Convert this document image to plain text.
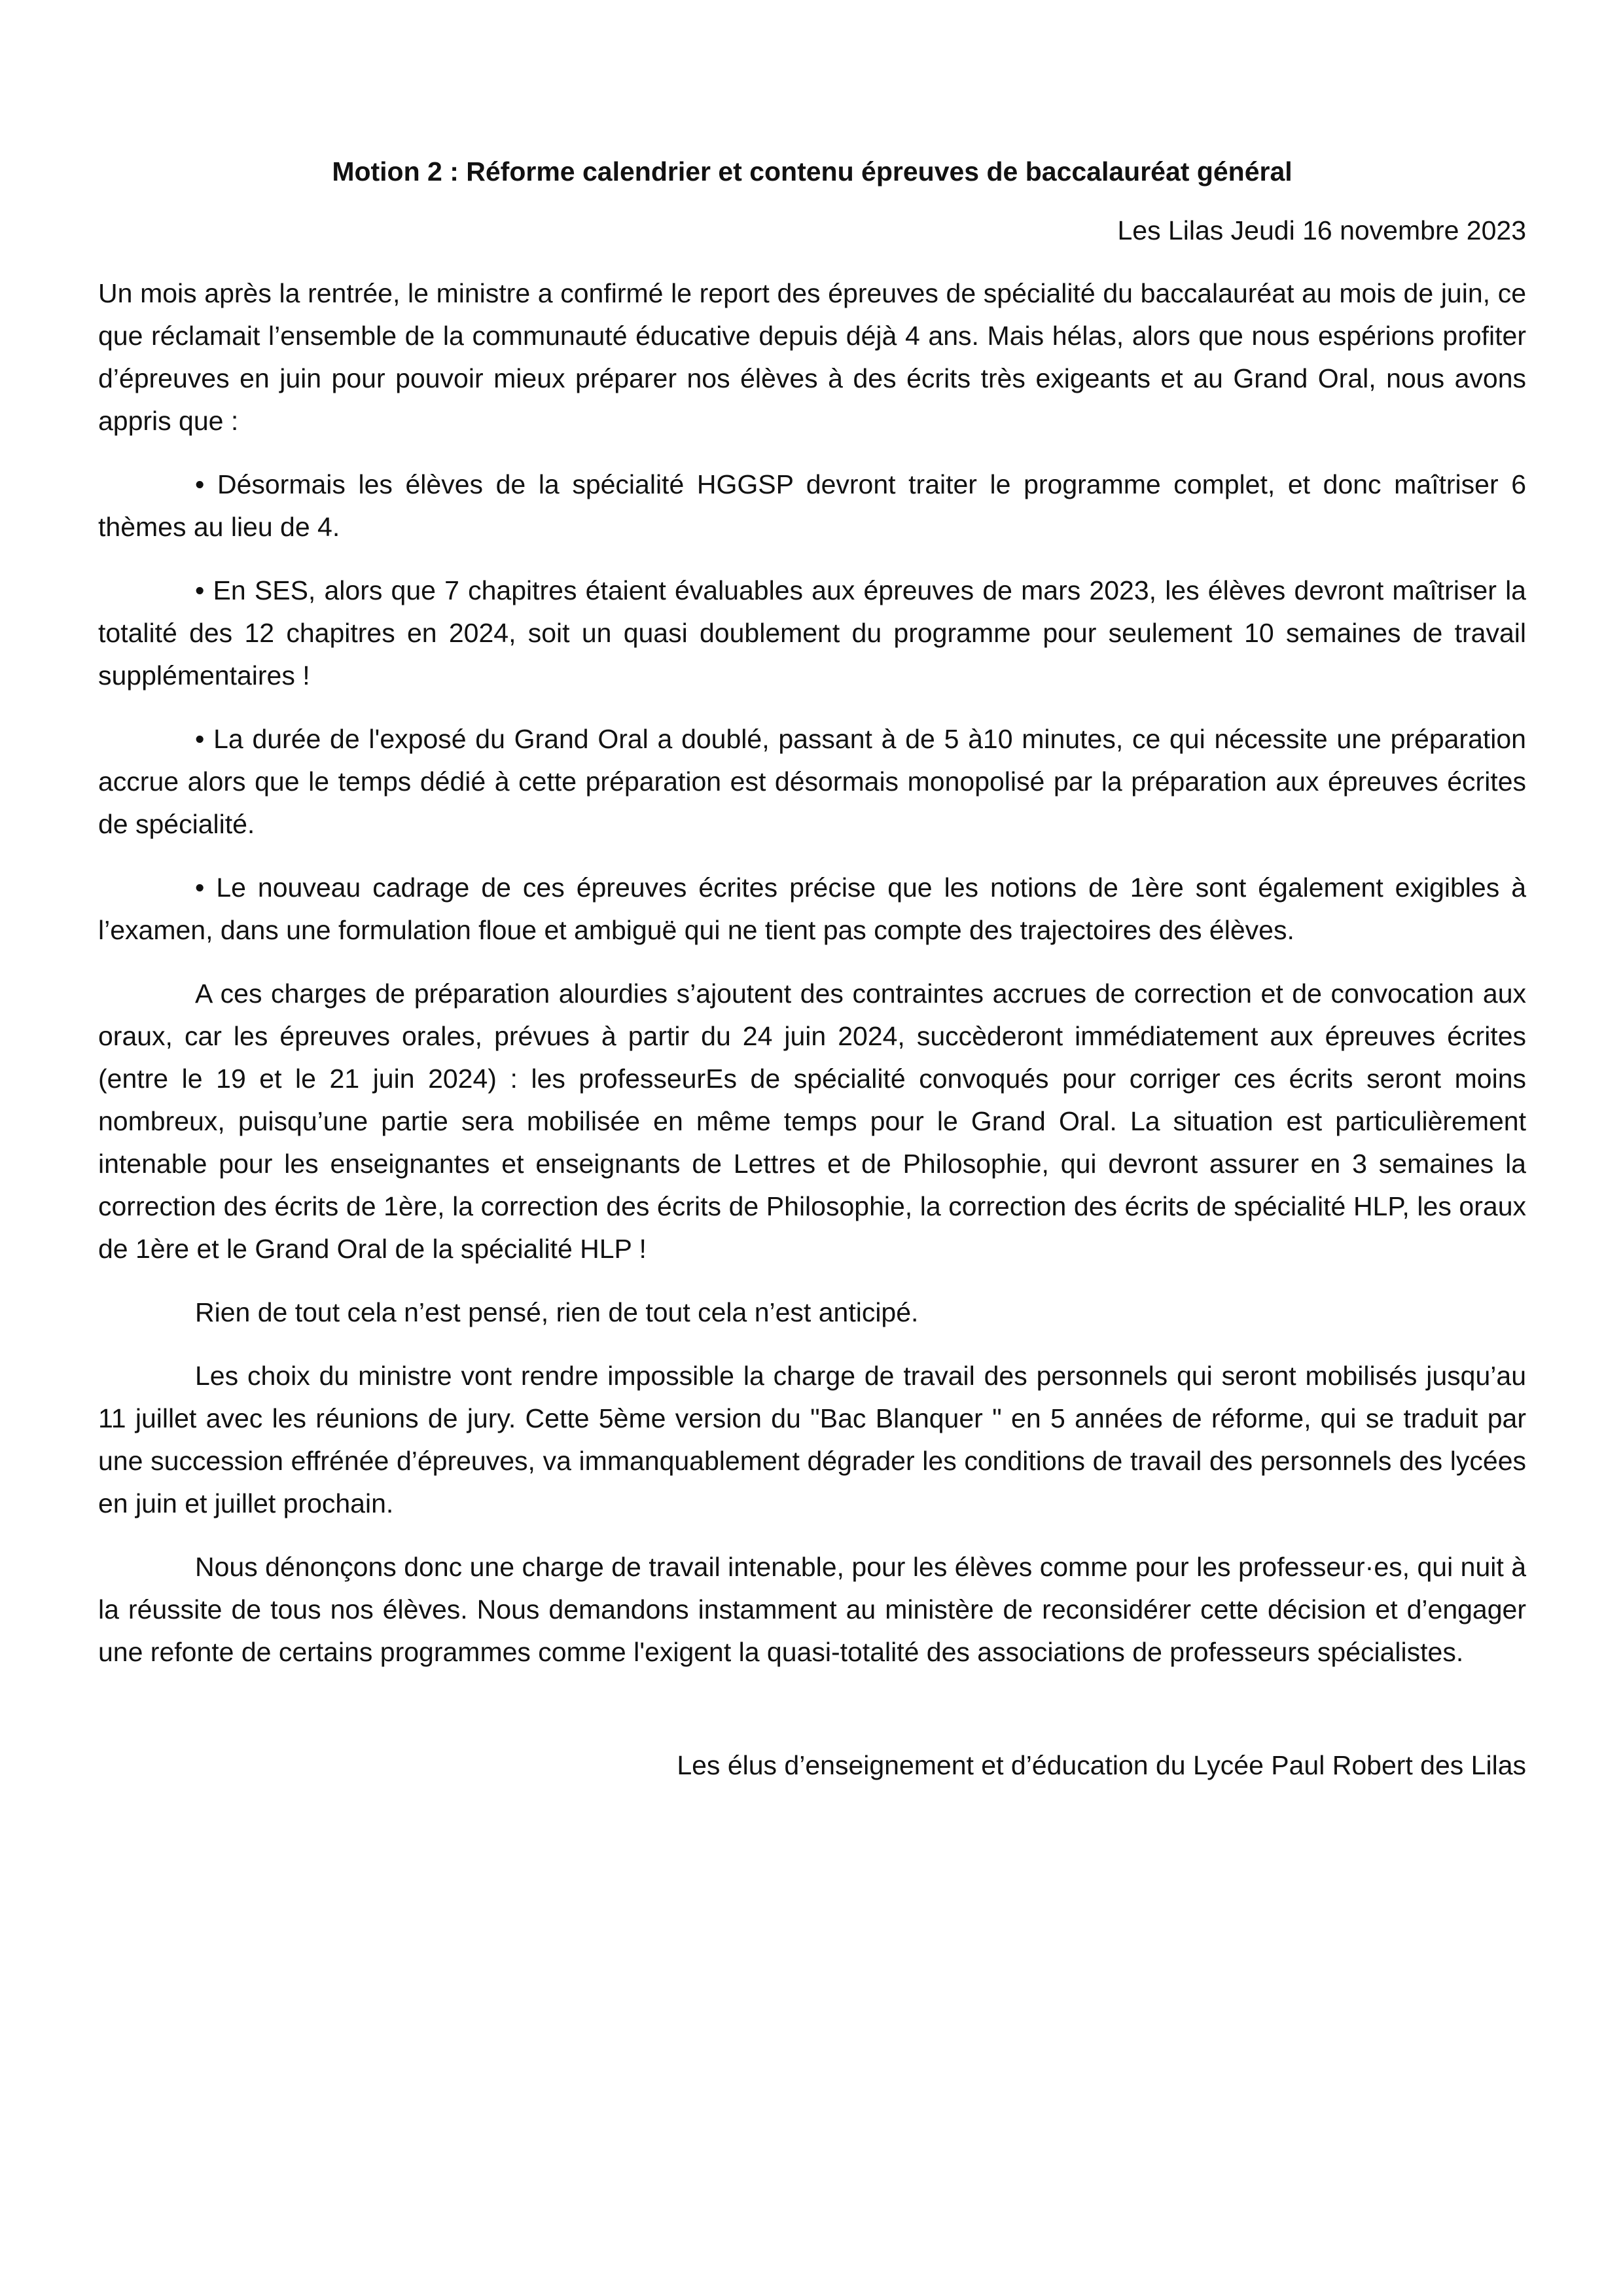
Motion 2 : Réforme calendrier et contenu épreuves de baccalauréat général
Les Lilas Jeudi 16 novembre 2023

Un mois après la rentrée, le ministre a confirmé le report des épreuves de spécialité du baccalauréat au mois de juin, ce que réclamait l’ensemble de la communauté éducative depuis déjà 4 ans. Mais hélas, alors que nous espérions profiter d’épreuves en juin pour pouvoir mieux préparer nos élèves à des écrits très exigeants et au Grand Oral, nous avons appris que :

• Désormais les élèves de la spécialité HGGSP devront traiter le programme complet, et donc maîtriser 6 thèmes au lieu de 4.

• En SES, alors que 7 chapitres étaient évaluables aux épreuves de mars 2023, les élèves devront maîtriser la totalité des 12 chapitres en 2024, soit un quasi doublement du programme pour seulement 10 semaines de travail supplémentaires !

• La durée de l'exposé du Grand Oral a doublé, passant à de 5 à10 minutes, ce qui nécessite une préparation accrue alors que le temps dédié à cette préparation est désormais monopolisé par la préparation aux épreuves écrites de spécialité.

• Le nouveau cadrage de ces épreuves écrites précise que les notions de 1ère sont également exigibles à l’examen, dans une formulation floue et ambiguë qui ne tient pas compte des trajectoires des élèves.

A ces charges de préparation alourdies s’ajoutent des contraintes accrues de correction et de convocation aux oraux, car les épreuves orales, prévues à partir du 24 juin 2024, succèderont immédiatement aux épreuves écrites (entre le 19 et le 21 juin 2024) : les professeurEs de spécialité convoqués pour corriger ces écrits seront moins nombreux, puisqu’une partie sera mobilisée en même temps pour le Grand Oral. La situation est particulièrement intenable pour les enseignantes et enseignants de Lettres et de Philosophie, qui devront assurer en 3 semaines la correction des écrits de 1ère, la correction des écrits de Philosophie, la correction des écrits de spécialité HLP, les oraux de 1ère et le Grand Oral de la spécialité HLP !

Rien de tout cela n’est pensé, rien de tout cela n’est anticipé.

Les choix du ministre vont rendre impossible la charge de travail des personnels qui seront mobilisés jusqu’au 11 juillet avec les réunions de jury. Cette 5ème version du "Bac Blanquer " en 5 années de réforme, qui se traduit par une succession effrénée d’épreuves, va immanquablement dégrader les conditions de travail des personnels des lycées en juin et juillet prochain.

Nous dénonçons donc une charge de travail intenable, pour les élèves comme pour les professeur·es, qui nuit à la réussite de tous nos élèves. Nous demandons instamment au ministère de reconsidérer cette décision et d’engager une refonte de certains programmes comme l'exigent la quasi-totalité des associations de professeurs spécialistes.

Les élus d’enseignement et d’éducation du Lycée Paul Robert des Lilas
